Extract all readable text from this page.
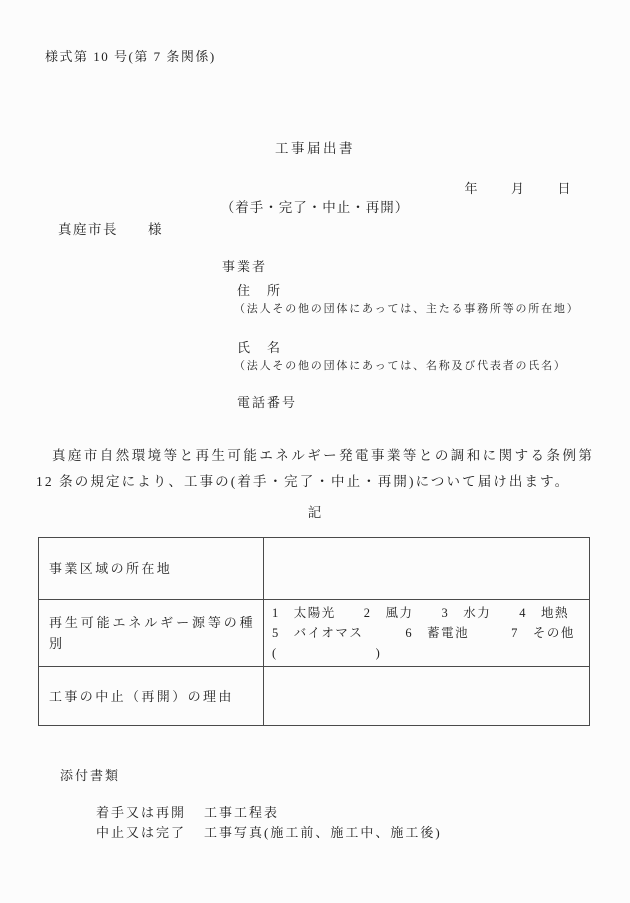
様式第 10 号(第 7 条関係)

工事届出書

（着手・完了・中止・再開）

年　　月　　日
真庭市長　　様
事業者
住　所
（法人その他の団体にあっては、主たる事務所等の所在地）
氏　名
（法人その他の団体にあっては、名称及び代表者の氏名）
電話番号
　真庭市自然環境等と再生可能エネルギー発電事業等との調和に関する条例第 12 条の規定により、工事の(着手・完了・中止・再開)について届け出ます。
記
事業区域の所在地	
再生可能エネルギー源等の種別	1　太陽光　　2　風力　　3　水力　　4　地熱
5　バイオマス　　　6　蓄電池　　　7　その他
(　　　　　　　)

工事の中止（再開）の理由	
添付書類

着手又は再開 工事工程表

中止又は完了 工事写真(施工前、施工中、施工後)
